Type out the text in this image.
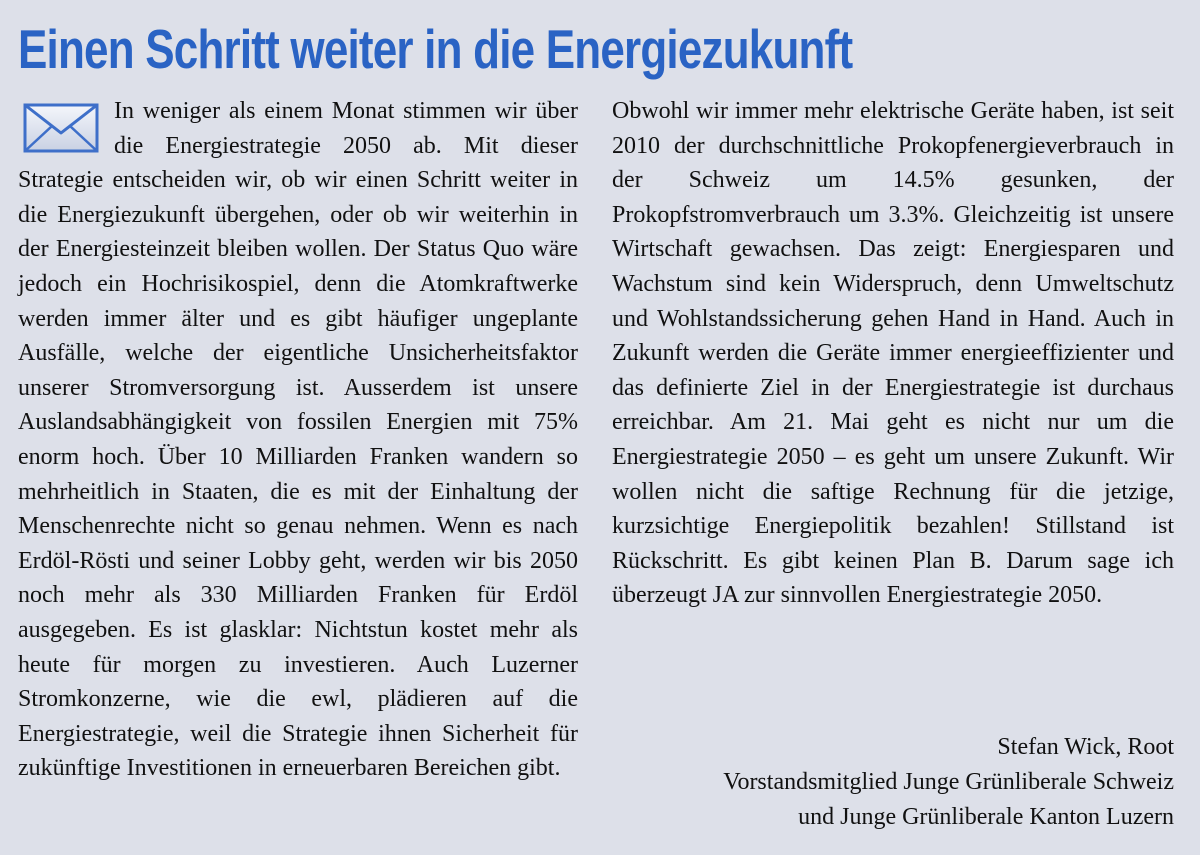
Einen Schritt weiter in die Energiezukunft

In weniger als einem Monat stimmen wir über die Energiestrategie 2050 ab. Mit dieser Strategie entscheiden wir, ob wir einen Schritt weiter in die Energiezukunft übergehen, oder ob wir weiterhin in der Energiesteinzeit bleiben wollen. Der Status Quo wäre jedoch ein Hochrisikospiel, denn die Atomkraftwerke werden immer älter und es gibt häufiger ungeplante Ausfälle, welche der eigentliche Unsicherheitsfaktor unserer Stromversorgung ist. Ausserdem ist unsere Auslandsabhängigkeit von fossilen Energien mit 75% enorm hoch. Über 10 Milliarden Franken wandern so mehrheitlich in Staaten, die es mit der Einhaltung der Menschenrechte nicht so genau nehmen. Wenn es nach Erdöl-Rösti und seiner Lobby geht, werden wir bis 2050 noch mehr als 330 Milliarden Franken für Erdöl ausgegeben. Es ist glasklar: Nichtstun kostet mehr als heute für morgen zu investieren. Auch Luzerner Stromkonzerne, wie die ewl, plädieren auf die Energiestrategie, weil die Strategie ihnen Sicherheit für zukünftige Investitionen in erneuerbaren Bereichen gibt.

Obwohl wir immer mehr elektrische Geräte haben, ist seit 2010 der durchschnittliche Prokopfenergieverbrauch in der Schweiz um 14.5% gesunken, der Prokopfstromverbrauch um 3.3%. Gleichzeitig ist unsere Wirtschaft gewachsen. Das zeigt: Energiesparen und Wachstum sind kein Widerspruch, denn Umweltschutz und Wohlstandssicherung gehen Hand in Hand. Auch in Zukunft werden die Geräte immer energieeffizienter und das definierte Ziel in der Energiestrategie ist durchaus erreichbar. Am 21. Mai geht es nicht nur um die Energiestrategie 2050 – es geht um unsere Zukunft. Wir wollen nicht die saftige Rechnung für die jetzige, kurzsichtige Energiepolitik bezahlen! Stillstand ist Rückschritt. Es gibt keinen Plan B. Darum sage ich überzeugt JA zur sinnvollen Energiestrategie 2050.

Stefan Wick, Root
Vorstandsmitglied Junge Grünliberale Schweiz
und Junge Grünliberale Kanton Luzern
